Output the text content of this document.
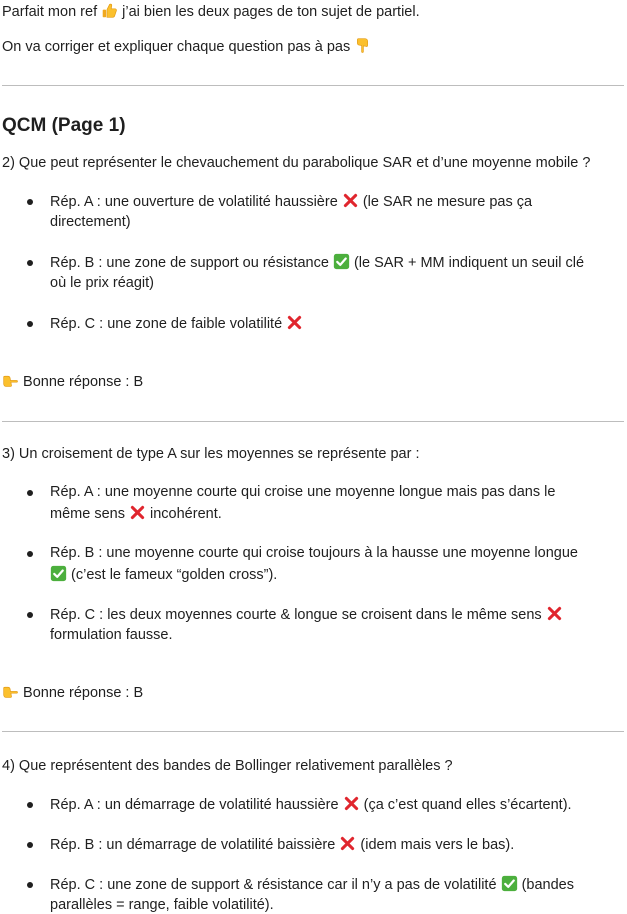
Parfait mon ref  j’ai bien les deux pages de ton sujet de partiel.
On va corriger et expliquer chaque question pas à pas
QCM (Page 1)
2) Que peut représenter le chevauchement du parabolique SAR et d’une moyenne mobile ?
Rép. A : une ouverture de volatilité haussière  (le SAR ne mesure pas ça
directement)
Rép. B : une zone de support ou résistance  (le SAR + MM indiquent un seuil clé
où le prix réagit)
Rép. C : une zone de faible volatilité
Bonne réponse : B
3) Un croisement de type A sur les moyennes se représente par :
Rép. A : une moyenne courte qui croise une moyenne longue mais pas dans le
même sens  incohérent.
Rép. B : une moyenne courte qui croise toujours à la hausse une moyenne longue
(c’est le fameux “golden cross”).
Rép. C : les deux moyennes courte & longue se croisent dans le même sens
formulation fausse.
Bonne réponse : B
4) Que représentent des bandes de Bollinger relativement parallèles ?
Rép. A : un démarrage de volatilité haussière  (ça c’est quand elles s’écartent).
Rép. B : un démarrage de volatilité baissière  (idem mais vers le bas).
Rép. C : une zone de support & résistance car il n’y a pas de volatilité  (bandes
parallèles = range, faible volatilité).
